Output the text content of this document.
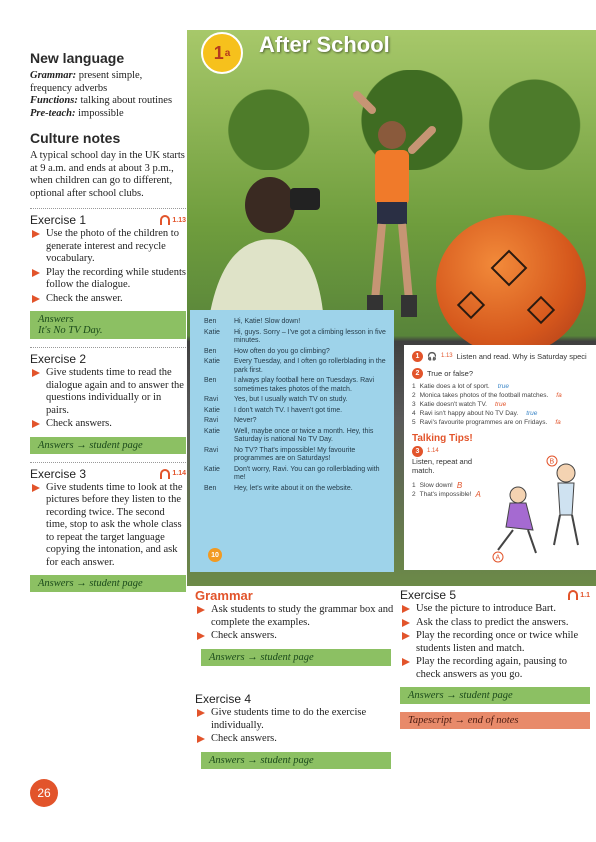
New language
Grammar: present simple, frequency adverbs
Functions: talking about routines
Pre-teach: impossible
Culture notes
A typical school day in the UK starts at 9 a.m. and ends at about 3 p.m., when children can go to different, optional after school clubs.
Exercise 1	1.13
Use the photo of the children to generate interest and recycle vocabulary.
Play the recording while students follow the dialogue.
Check the answer.
Answers
It's No TV Day.
Exercise 2
Give students time to read the dialogue again and to answer the questions individually or in pairs.
Check answers.
Answers → student page
Exercise 3	1.14
Give students time to look at the pictures before they listen to the recording twice. The second time, stop to ask the whole class to repeat the target language copying the intonation, and ask for each answer.
Answers → student page
1 a After School
Ben	Hi, Katie! Slow down!
Katie	Hi, guys. Sorry – I've got a climbing lesson in five minutes.
Ben	How often do you go climbing?
Katie	Every Tuesday, and I often go rollerblading in the park first.
Ben	I always play football here on Tuesdays. Ravi sometimes takes photos of the match.
Ravi	Yes, but I usually watch TV on study.
Katie	I don't watch TV. I haven't got time.
Ravi	Never?
Katie	Well, maybe once or twice a month. Hey, this Saturday is national No TV Day.
Ravi	No TV? That's impossible! My favourite programmes are on Saturdays!
Katie	Don't worry, Ravi. You can go rollerblading with me!
Ben	Hey, let's write about it on the website.
10
1 🎧 1.13 Listen and read. Why is Saturday speci
2	True or false?
1 Katie does a lot of sport. true
2 Monica takes photos of the football matches. fa
3 Katie doesn't watch TV. true
4 Ravi isn't happy about No TV Day. true
5 Ravi's favourite programmes are on Fridays. fa
Talking Tips!
3	1.14
Listen, repeat and match.
1 Slow down! B
2 That's impossible! A
B
A
Grammar
Ask students to study the grammar box and complete the examples.
Check answers.
Answers → student page
Exercise 4
Give students time to do the exercise individually.
Check answers.
Answers → student page
Exercise 5	1.1
Use the picture to introduce Bart.
Ask the class to predict the answers.
Play the recording once or twice while students listen and match.
Play the recording again, pausing to check answers as you go.
Answers → student page
Tapescript → end of notes
26
